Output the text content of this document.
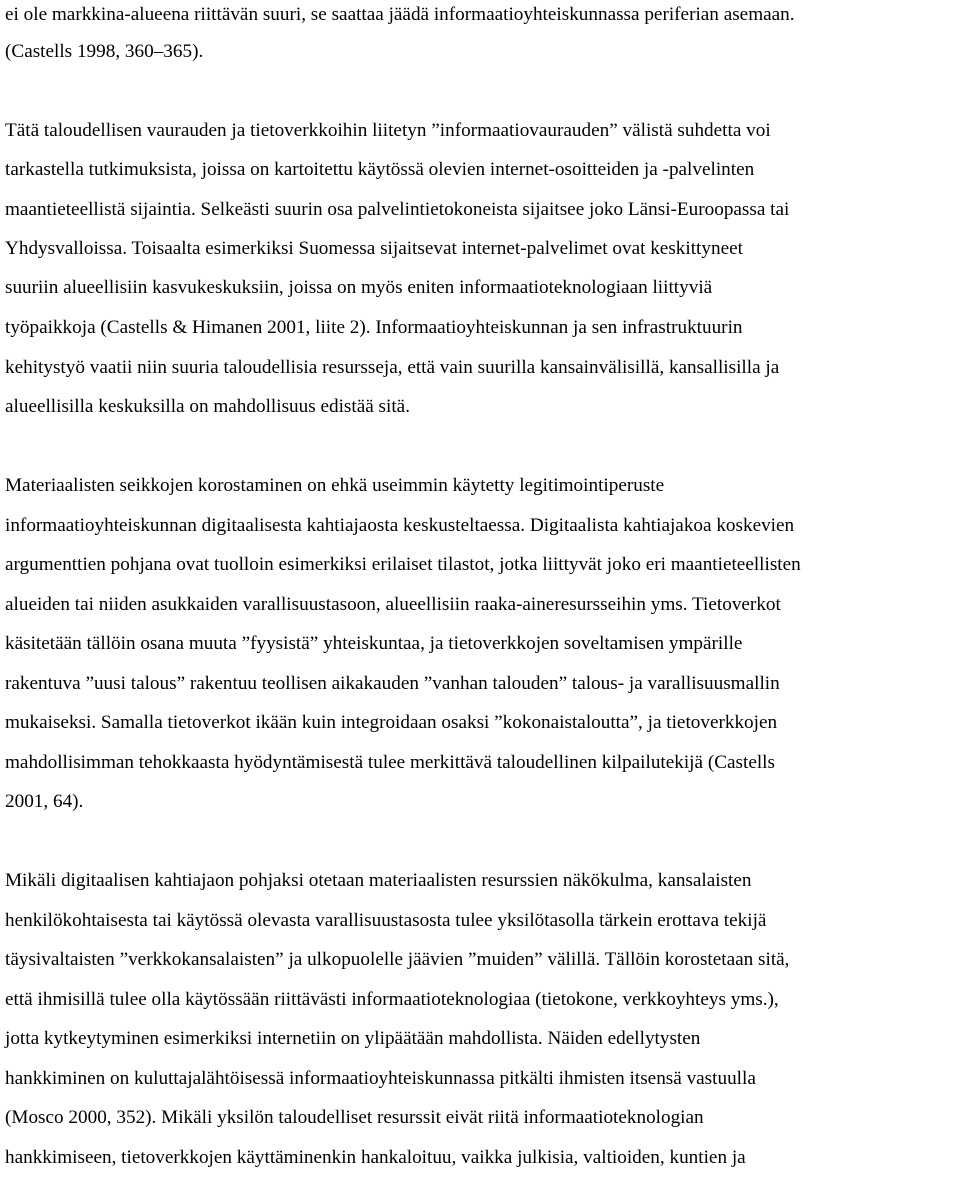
ei ole markkina-alueena riittävän suuri, se saattaa jäädä informaatioyhteiskunnassa periferian asemaan.

(Castells 1998, 360–365).

Tätä taloudellisen vaurauden ja tietoverkkoihin liitetyn ”informaatiovaurauden” välistä suhdetta voi

tarkastella tutkimuksista, joissa on kartoitettu käytössä olevien internet-osoitteiden ja -palvelinten

maantieteellistä sijaintia. Selkeästi suurin osa palvelintietokoneista sijaitsee joko Länsi-Euroopassa tai

Yhdysvalloissa. Toisaalta esimerkiksi Suomessa sijaitsevat internet-palvelimet ovat keskittyneet

suuriin alueellisiin kasvukeskuksiin, joissa on myös eniten informaatioteknologiaan liittyviä

työpaikkoja (Castells & Himanen 2001, liite 2). Informaatioyhteiskunnan ja sen infrastruktuurin

kehitystyö vaatii niin suuria taloudellisia resursseja, että vain suurilla kansainvälisillä, kansallisilla ja

alueellisilla keskuksilla on mahdollisuus edistää sitä.

Materiaalisten seikkojen korostaminen on ehkä useimmin käytetty legitimointiperuste

informaatioyhteiskunnan digitaalisesta kahtiajaosta keskusteltaessa. Digitaalista kahtiajakoa koskevien

argumenttien pohjana ovat tuolloin esimerkiksi erilaiset tilastot, jotka liittyvät joko eri maantieteellisten

alueiden tai niiden asukkaiden varallisuustasoon, alueellisiin raaka-aineresursseihin yms. Tietoverkot

käsitetään tällöin osana muuta ”fyysistä” yhteiskuntaa, ja tietoverkkojen soveltamisen ympärille

rakentuva ”uusi talous” rakentuu teollisen aikakauden ”vanhan talouden” talous- ja varallisuusmallin

mukaiseksi. Samalla tietoverkot ikään kuin integroidaan osaksi ”kokonaistaloutta”, ja tietoverkkojen

mahdollisimman tehokkaasta hyödyntämisestä tulee merkittävä taloudellinen kilpailutekijä (Castells

2001, 64).

Mikäli digitaalisen kahtiajaon pohjaksi otetaan materiaalisten resurssien näkökulma, kansalaisten

henkilökohtaisesta tai käytössä olevasta varallisuustasosta tulee yksilötasolla tärkein erottava tekijä

täysivaltaisten ”verkkokansalaisten” ja ulkopuolelle jäävien ”muiden” välillä. Tällöin korostetaan sitä,

että ihmisillä tulee olla käytössään riittävästi informaatioteknologiaa (tietokone, verkkoyhteys yms.),

jotta kytkeytyminen esimerkiksi internetiin on ylipäätään mahdollista. Näiden edellytysten

hankkiminen on kuluttajalähtöisessä informaatioyhteiskunnassa pitkälti ihmisten itsensä vastuulla

(Mosco 2000, 352). Mikäli yksilön taloudelliset resurssit eivät riitä informaatioteknologian

hankkimiseen, tietoverkkojen käyttäminenkin hankaloituu, vaikka julkisia, valtioiden, kuntien ja
